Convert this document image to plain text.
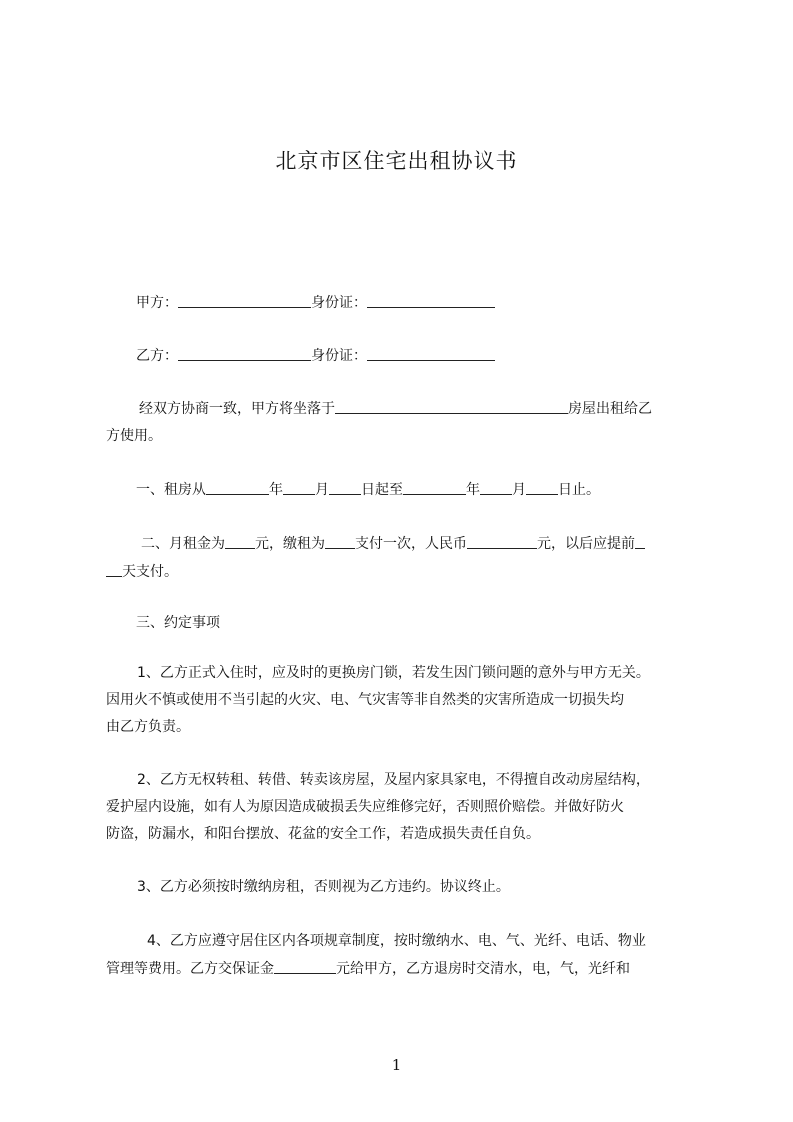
北京市区住宅出租协议书
甲方：	身份证：
乙方：	身份证：
经双方协商一致，甲方将坐落于	房屋出租给乙
方使用。
一、租房从	年 月 日起至	年 月 日止。
二、月租金为 元，缴租为 支付一次，人民币	元，以后应提前
天支付。
三、约定事项
1、乙方正式入住时，应及时的更换房门锁，若发生因门锁问题的意外与甲方无关。
因用火不慎或使用不当引起的火灾、电、气灾害等非自然类的灾害所造成一切损失均
由乙方负责。
2、乙方无权转租、转借、转卖该房屋，及屋内家具家电，不得擅自改动房屋结构，
爱护屋内设施，如有人为原因造成破损丢失应维修完好，否则照价赔偿。并做好防火
防盗，防漏水，和阳台摆放、花盆的安全工作，若造成损失责任自负。
3、乙方必须按时缴纳房租，否则视为乙方违约。协议终止。
4、乙方应遵守居住区内各项规章制度，按时缴纳水、电、气、光纤、电话、物业
管理等费用。乙方交保证金	元给甲方，乙方退房时交清水，电，气，光纤和
1
